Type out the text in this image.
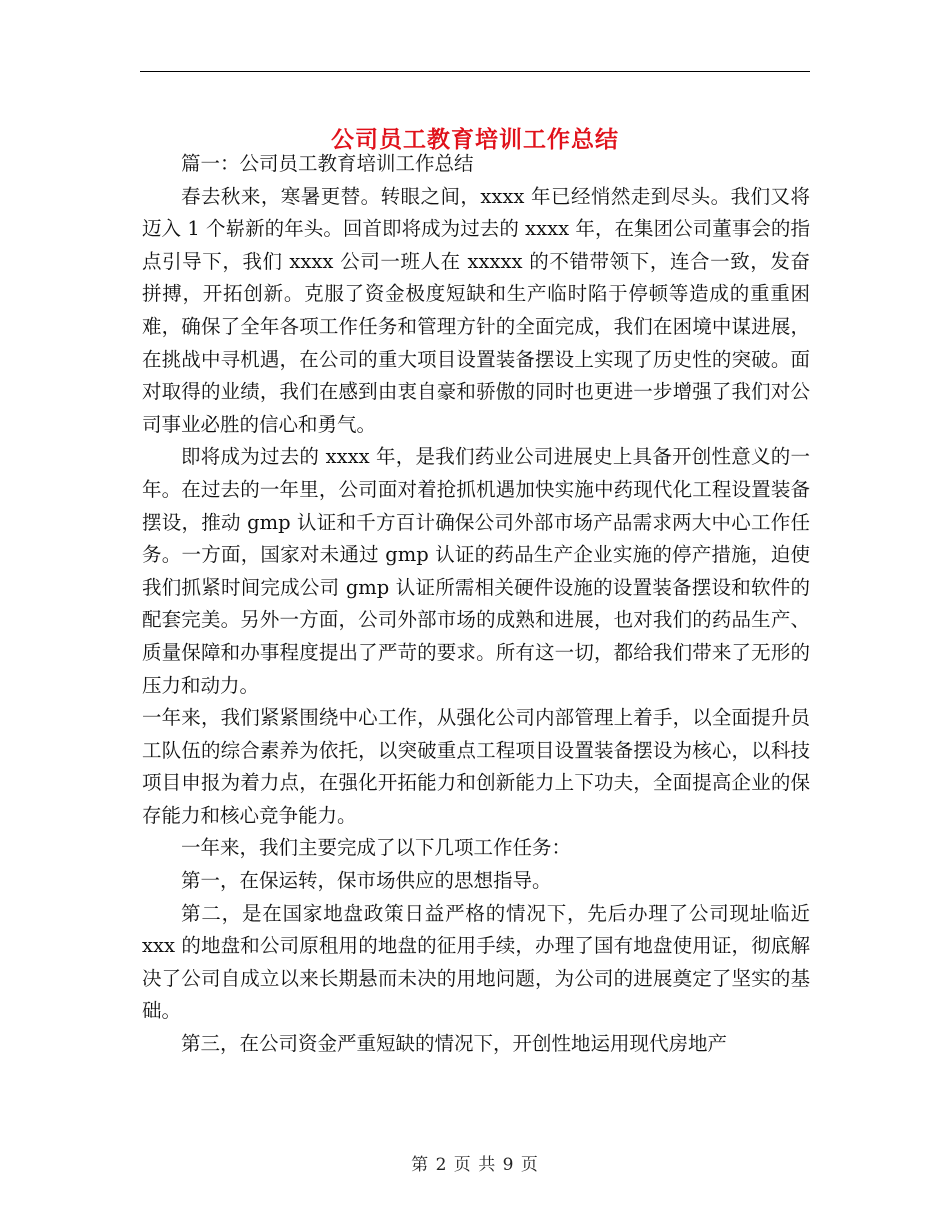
公司员工教育培训工作总结

篇一：公司员工教育培训工作总结

春去秋来，寒暑更替。转眼之间，xxxx 年已经悄然走到尽头。我们又将迈入 1 个崭新的年头。回首即将成为过去的 xxxx 年，在集团公司董事会的指点引导下，我们 xxxx 公司一班人在 xxxxx 的不错带领下，连合一致，发奋拼搏，开拓创新。克服了资金极度短缺和生产临时陷于停顿等造成的重重困难，确保了全年各项工作任务和管理方针的全面完成，我们在困境中谋进展，在挑战中寻机遇，在公司的重大项目设置装备摆设上实现了历史性的突破。面对取得的业绩，我们在感到由衷自豪和骄傲的同时也更进一步增强了我们对公司事业必胜的信心和勇气。

即将成为过去的 xxxx 年，是我们药业公司进展史上具备开创性意义的一年。在过去的一年里，公司面对着抢抓机遇加快实施中药现代化工程设置装备摆设，推动 gmp 认证和千方百计确保公司外部市场产品需求两大中心工作任务。一方面，国家对未通过 gmp 认证的药品生产企业实施的停产措施，迫使我们抓紧时间完成公司 gmp 认证所需相关硬件设施的设置装备摆设和软件的配套完美。另外一方面，公司外部市场的成熟和进展，也对我们的药品生产、质量保障和办事程度提出了严苛的要求。所有这一切，都给我们带来了无形的压力和动力。

一年来，我们紧紧围绕中心工作，从强化公司内部管理上着手，以全面提升员工队伍的综合素养为依托，以突破重点工程项目设置装备摆设为核心，以科技项目申报为着力点，在强化开拓能力和创新能力上下功夫，全面提高企业的保存能力和核心竞争能力。

一年来，我们主要完成了以下几项工作任务：

第一，在保运转，保市场供应的思想指导。

第二，是在国家地盘政策日益严格的情况下，先后办理了公司现址临近 xxx 的地盘和公司原租用的地盘的征用手续，办理了国有地盘使用证，彻底解决了公司自成立以来长期悬而未决的用地问题，为公司的进展奠定了坚实的基础。

第三，在公司资金严重短缺的情况下，开创性地运用现代房地产

第 2 页 共 9 页
